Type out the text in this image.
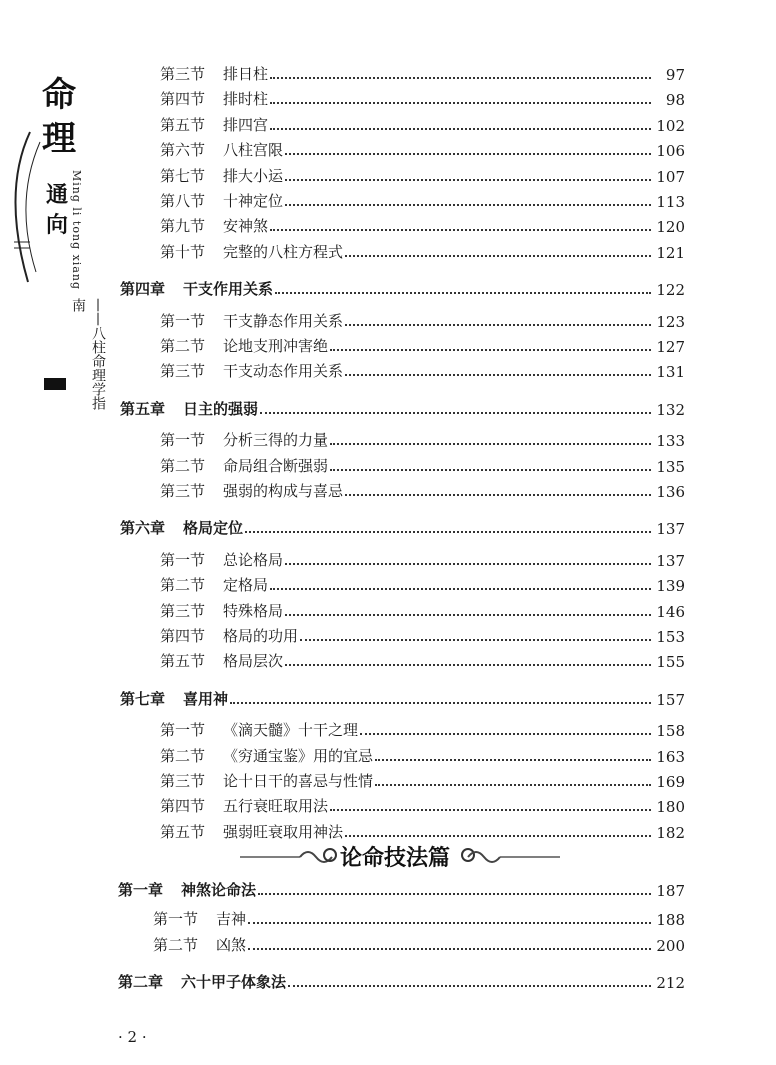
命
理
通
向 Ming li tong xiang
——八柱命理学指南
第三节 排日柱	97
第四节 排时柱	98
第五节 排四宫	102
第六节 八柱宫限	106
第七节 排大小运	107
第八节 十神定位	113
第九节 安神煞	120
第十节 完整的八柱方程式	121
第四章 干支作用关系	122
第一节 干支静态作用关系	123
第二节 论地支刑冲害绝	127
第三节 干支动态作用关系	131
第五章 日主的强弱	132
第一节 分析三得的力量	133
第二节 命局组合断强弱	135
第三节 强弱的构成与喜忌	136
第六章 格局定位	137
第一节 总论格局	137
第二节 定格局	139
第三节 特殊格局	146
第四节 格局的功用	153
第五节 格局层次	155
第七章 喜用神	157
第一节 《滴天髓》十干之理	158
第二节 《穷通宝鉴》用的宜忌	163
第三节 论十日干的喜忌与性情	169
第四节 五行衰旺取用法	180
第五节 强弱旺衰取用神法	182
论命技法篇
第一章 神煞论命法	187
第一节 吉神	188
第二节 凶煞	200
第二章 六十甲子体象法	212
· 2 ·
